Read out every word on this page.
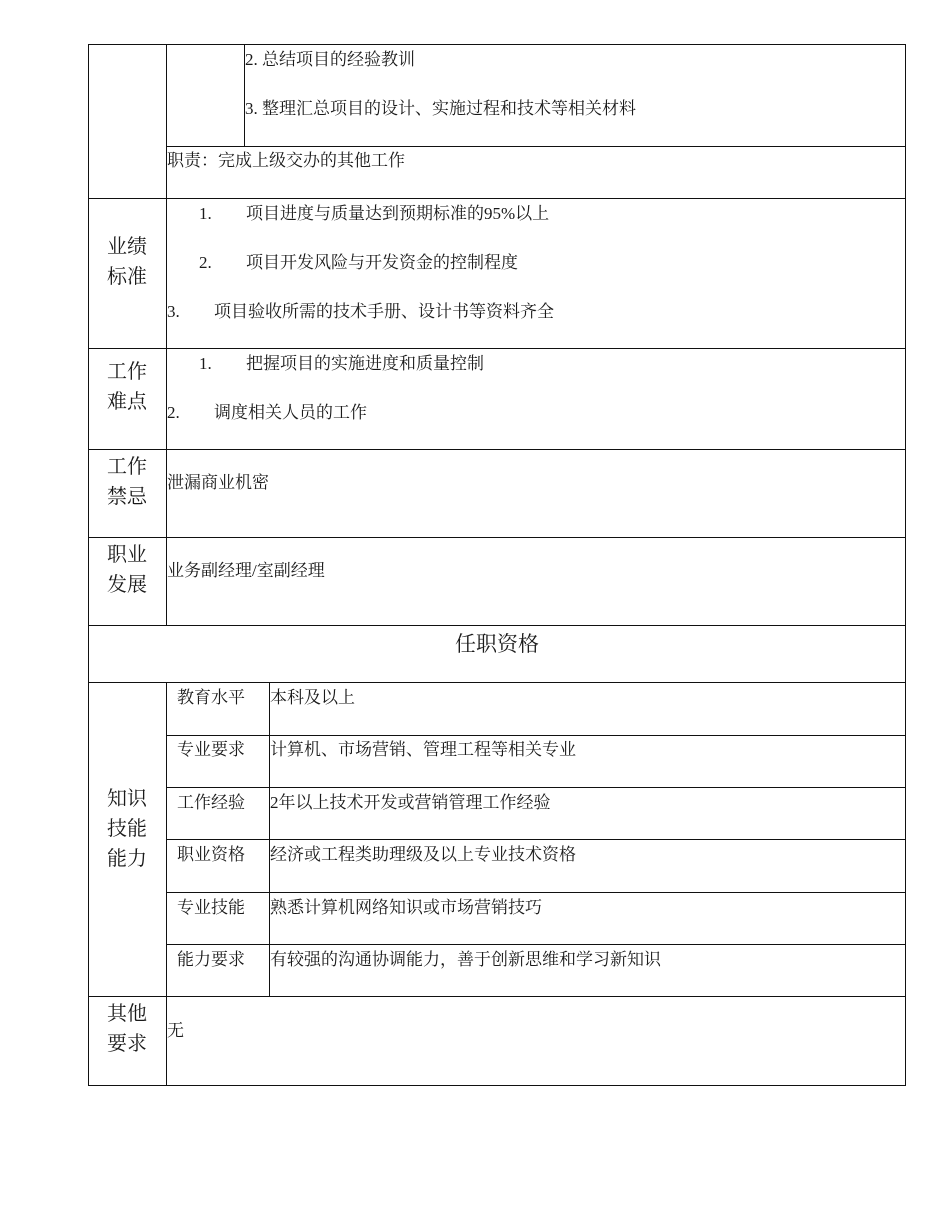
2. 总结项目的经验教训
3. 整理汇总项目的设计、实施过程和技术等相关材料
职责：完成上级交办的其他工作
业绩
标准
1. 项目进度与质量达到预期标准的95%以上
2. 项目开发风险与开发资金的控制程度
3. 项目验收所需的技术手册、设计书等资料齐全
工作
难点
1. 把握项目的实施进度和质量控制
2. 调度相关人员的工作
工作
禁忌
泄漏商业机密
职业
发展
业务副经理/室副经理
任职资格
知识
技能
能力
教育水平 本科及以上
专业要求 计算机、市场营销、管理工程等相关专业
工作经验 2年以上技术开发或营销管理工作经验
职业资格 经济或工程类助理级及以上专业技术资格
专业技能 熟悉计算机网络知识或市场营销技巧
能力要求 有较强的沟通协调能力，善于创新思维和学习新知识
其他
要求
无
